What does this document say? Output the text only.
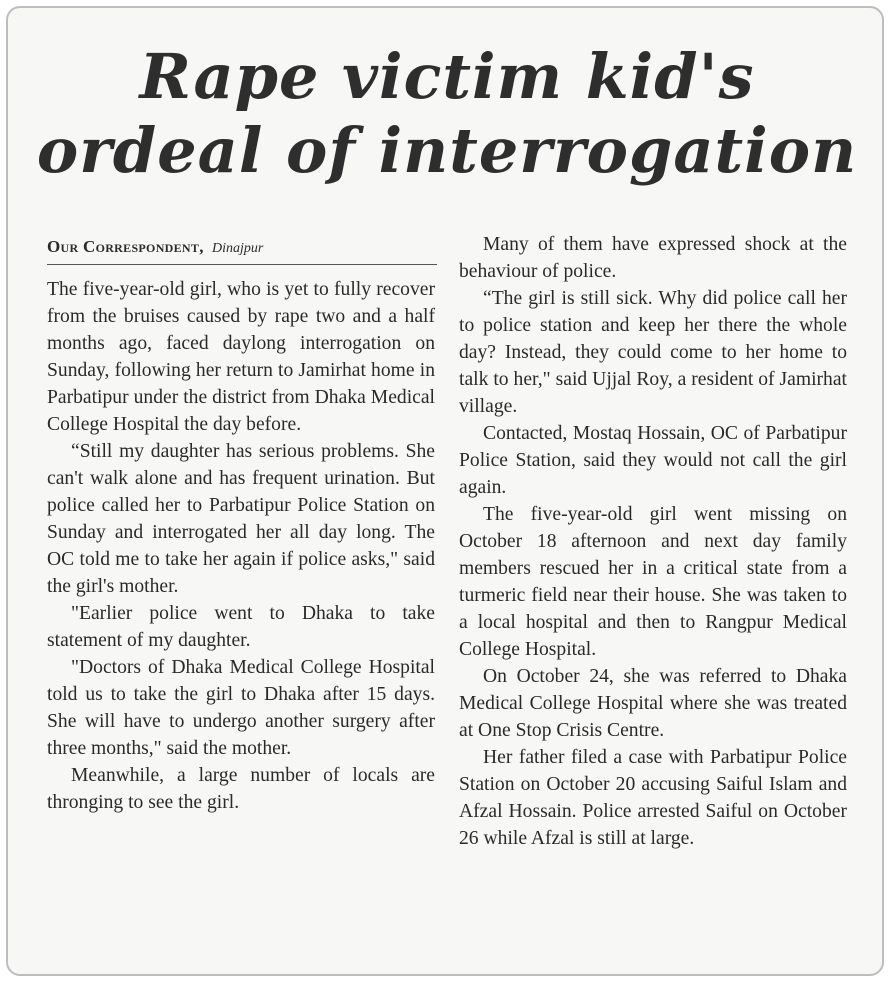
Rape victim kid's
ordeal of interrogation
Our Correspondent, Dinajpur

The five-year-old girl, who is yet to fully recover from the bruises caused by rape two and a half months ago, faced daylong interrogation on Sunday, following her return to Jamirhat home in Parbatipur under the district from Dhaka Medical College Hospital the day before.

“Still my daughter has serious problems. She can't walk alone and has frequent urination. But police called her to Parbatipur Police Station on Sunday and interrogated her all day long. The OC told me to take her again if police asks," said the girl's mother.

"Earlier police went to Dhaka to take statement of my daughter.

"Doctors of Dhaka Medical College Hospital told us to take the girl to Dhaka after 15 days. She will have to undergo another surgery after three months," said the mother.

Meanwhile, a large number of locals are thronging to see the girl.

Many of them have expressed shock at the behaviour of police.

“The girl is still sick. Why did police call her to police station and keep her there the whole day? Instead, they could come to her home to talk to her," said Ujjal Roy, a resident of Jamirhat village.

Contacted, Mostaq Hossain, OC of Parbatipur Police Station, said they would not call the girl again.

The five-year-old girl went missing on October 18 afternoon and next day family members rescued her in a critical state from a turmeric field near their house. She was taken to a local hospital and then to Rangpur Medical College Hospital.

On October 24, she was referred to Dhaka Medical College Hospital where she was treated at One Stop Crisis Centre.

Her father filed a case with Parbatipur Police Station on October 20 accusing Saiful Islam and Afzal Hossain. Police arrested Saiful on October 26 while Afzal is still at large.
